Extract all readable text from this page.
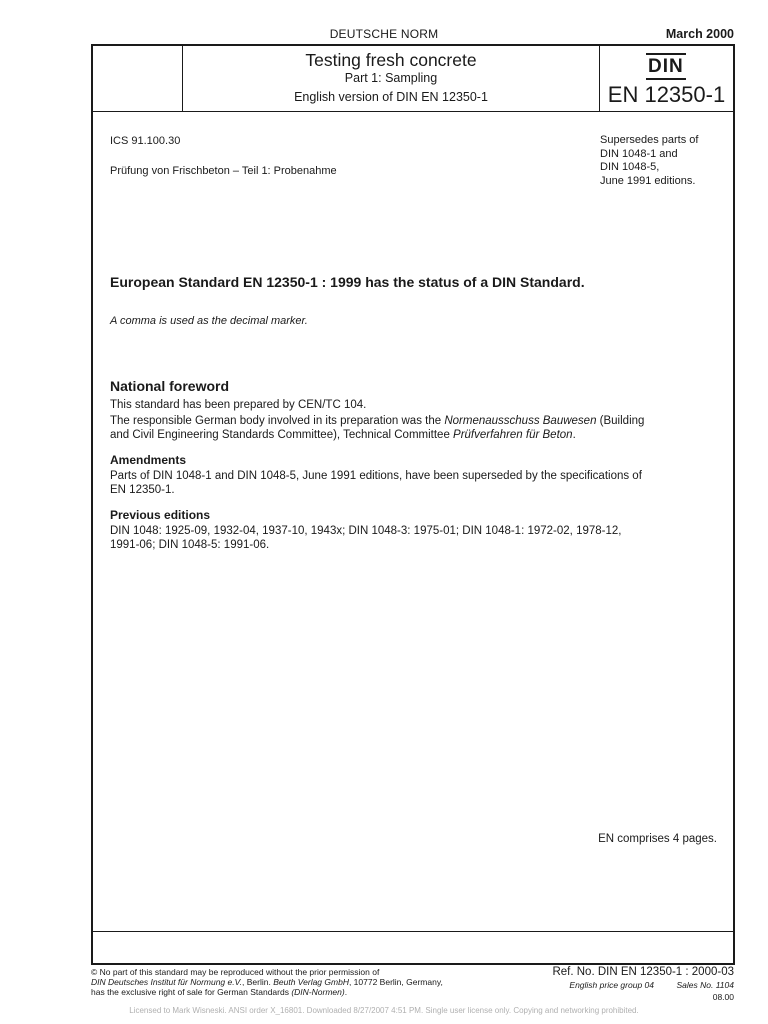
DEUTSCHE NORM	March 2000
Testing fresh concrete
Part 1: Sampling
English version of DIN EN 12350-1
DIN
EN 12350-1
ICS 91.100.30
Prüfung von Frischbeton – Teil 1: Probenahme
Supersedes parts of
DIN 1048-1 and
DIN 1048-5,
June 1991 editions.
European Standard EN 12350-1 : 1999 has the status of a DIN Standard.
A comma is used as the decimal marker.
National foreword
This standard has been prepared by CEN/TC 104.
The responsible German body involved in its preparation was the Normenausschuss Bauwesen (Building
and Civil Engineering Standards Committee), Technical Committee Prüfverfahren für Beton.
Amendments
Parts of DIN 1048-1 and DIN 1048-5, June 1991 editions, have been superseded by the specifications of
EN 12350-1.
Previous editions
DIN 1048: 1925-09, 1932-04, 1937-10, 1943x; DIN 1048-3: 1975-01; DIN 1048-1: 1972-02, 1978-12,
1991-06; DIN 1048-5: 1991-06.
EN comprises 4 pages.
© No part of this standard may be reproduced without the prior permission of
DIN Deutsches Institut für Normung e.V., Berlin. Beuth Verlag GmbH, 10772 Berlin, Germany,
has the exclusive right of sale for German Standards (DIN-Normen).
Ref. No. DIN EN 12350-1 : 2000-03
English price group 04	Sales No. 1104
08.00
Licensed to Mark Wisneski. ANSI order X_16801. Downloaded 8/27/2007 4:51 PM. Single user license only. Copying and networking prohibited.
